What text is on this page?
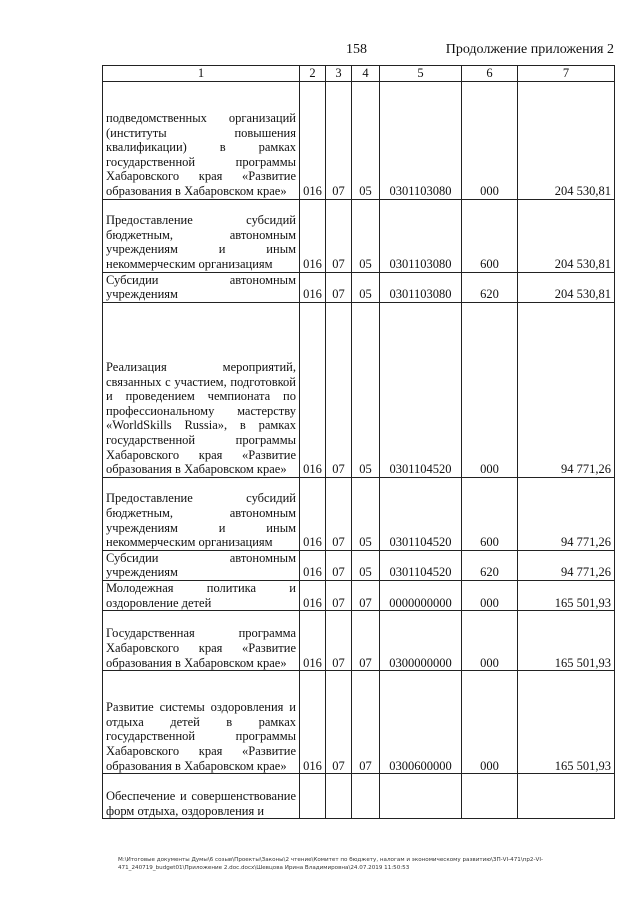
158	Продолжение приложения 2
1	2	3	4	5	6	7
подведомственных организаций (институты повышения квалификации) в рамках государственной программы Хабаровского края «Развитие образования в Хабаровском крае»	016	07	05	0301103080	000	204 530,81
Предоставление субсидий бюджетным, автономным учреждениям и иным некоммерческим организациям	016	07	05	0301103080	600	204 530,81
Субсидии автономным учреждениям	016	07	05	0301103080	620	204 530,81
Реализация мероприятий, связанных с участием, подготовкой и проведением чемпионата по профессиональному мастерству «WorldSkills Russia», в рамках государственной программы Хабаровского края «Развитие образования в Хабаровском крае»	016	07	05	0301104520	000	94 771,26
Предоставление субсидий бюджетным, автономным учреждениям и иным некоммерческим организациям	016	07	05	0301104520	600	94 771,26
Субсидии автономным учреждениям	016	07	05	0301104520	620	94 771,26
Молодежная политика и оздоровление детей	016	07	07	0000000000	000	165 501,93
Государственная программа Хабаровского края «Развитие образования в Хабаровском крае»	016	07	07	0300000000	000	165 501,93
Развитие системы оздоровления и отдыха детей в рамках государственной программы Хабаровского края «Развитие образования в Хабаровском крае»	016	07	07	0300600000	000	165 501,93
Обеспечение и совершенствование форм отдыха, оздоровления и						
М:\Итоговые документы Думы\6 созыв\Проекты\Законы\2 чтение\Комитет по бюджету, налогам и экономическому развитию\ЗП-VI-471\пр2-VI-471_240719_budget01\Приложение 2.doc.docx\Шевцова Ирина Владимировна\24.07.2019 11:50:53
